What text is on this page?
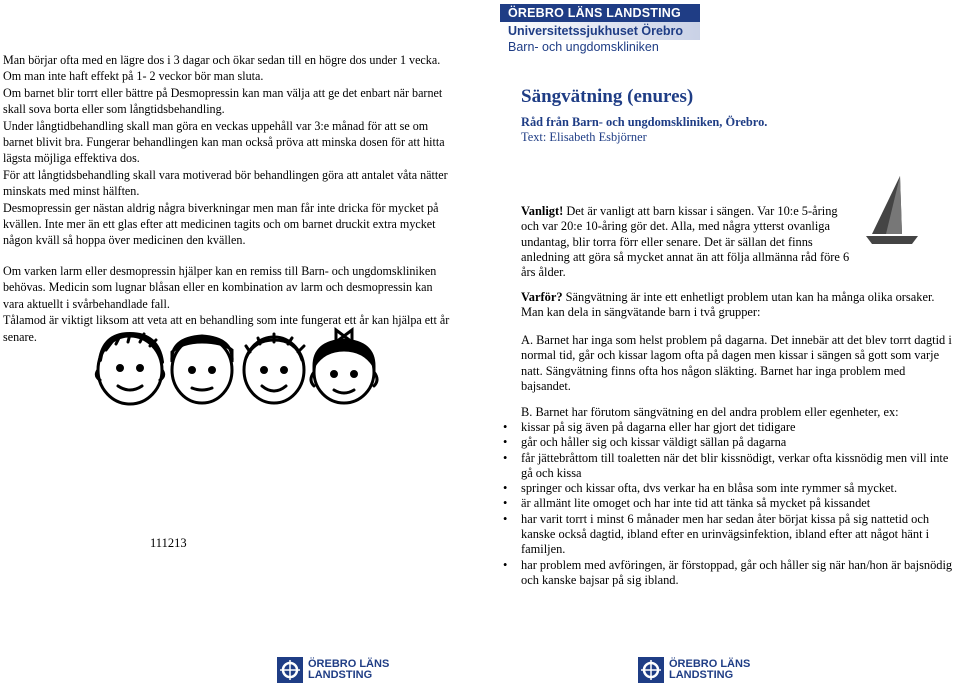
Man börjar ofta med en lägre dos i 3 dagar och ökar sedan till en högre dos under 1 vecka. Om man inte haft effekt på 1- 2 veckor bör man sluta.

Om barnet blir torrt eller bättre på Desmopressin kan man välja att ge det enbart när barnet skall sova borta eller som långtidsbehandling.

Under långtidbehandling skall man göra en veckas uppehåll var 3:e månad för att se om barnet blivit bra. Fungerar behandlingen kan man också pröva att minska dosen för att hitta lägsta möjliga effektiva dos.

För att långtidsbehandling skall vara motiverad bör behandlingen göra att antalet våta nätter minskats med minst hälften.

Desmopressin ger nästan aldrig några biverkningar men man får inte dricka för mycket på kvällen. Inte mer än ett glas efter att medicinen tagits och om barnet druckit extra mycket någon kväll så hoppa över medicinen den kvällen.

Om varken larm eller desmopressin hjälper kan en remiss till Barn- och ungdomskliniken behövas. Medicin som lugnar blåsan eller en kombination av larm och desmopressin kan vara aktuellt i svårbehandlade fall.

Tålamod är viktigt liksom att veta att en behandling som inte fungerat ett år kan hjälpa ett år senare.

111213
ÖREBRO LÄNS LANDSTING
Universitetssjukhuset Örebro
Barn- och ungdomskliniken
Sängvätning (enures)
Råd från Barn- och ungdomskliniken, Örebro.
Text: Elisabeth Esbjörner
Vanligt! Det är vanligt att barn kissar i sängen. Var 10:e 5-åring och var 20:e 10-åring gör det. Alla, med några ytterst ovanliga undantag, blir torra förr eller senare. Det är sällan det finns anledning att göra så mycket annat än att följa allmänna råd före 6 års ålder.
Varför? Sängvätning är inte ett enhetligt problem utan kan ha många olika orsaker. Man kan dela in sängvätande barn i två grupper:
A. Barnet har inga som helst problem på dagarna. Det innebär att det blev torrt dagtid i normal tid, går och kissar lagom ofta på dagen men kissar i sängen så gott som varje natt. Sängvätning finns ofta hos någon släkting. Barnet har inga problem med bajsandet.
B. Barnet har förutom sängvätning en del andra problem eller egenheter, ex:
•	kissar på sig även på dagarna eller har gjort det tidigare
•	går och håller sig och kissar väldigt sällan på dagarna
•	får jättebråttom till toaletten när det blir kissnödigt, verkar ofta kissnödig men vill inte gå och kissa
•	springer och kissar ofta, dvs verkar ha en blåsa som inte rymmer så mycket.
•	är allmänt lite omoget och har inte tid att tänka så mycket på kissandet
•	har varit torrt i minst 6 månader men har sedan åter börjat kissa på sig nattetid och kanske också dagtid, ibland efter en urinvägsinfektion, ibland efter att något hänt i familjen.
•	har problem med avföringen, är förstoppad, går och håller sig när han/hon är bajsnödig och kanske bajsar på sig ibland.
ÖREBRO LÄNS
LANDSTING
ÖREBRO LÄNS
LANDSTING
